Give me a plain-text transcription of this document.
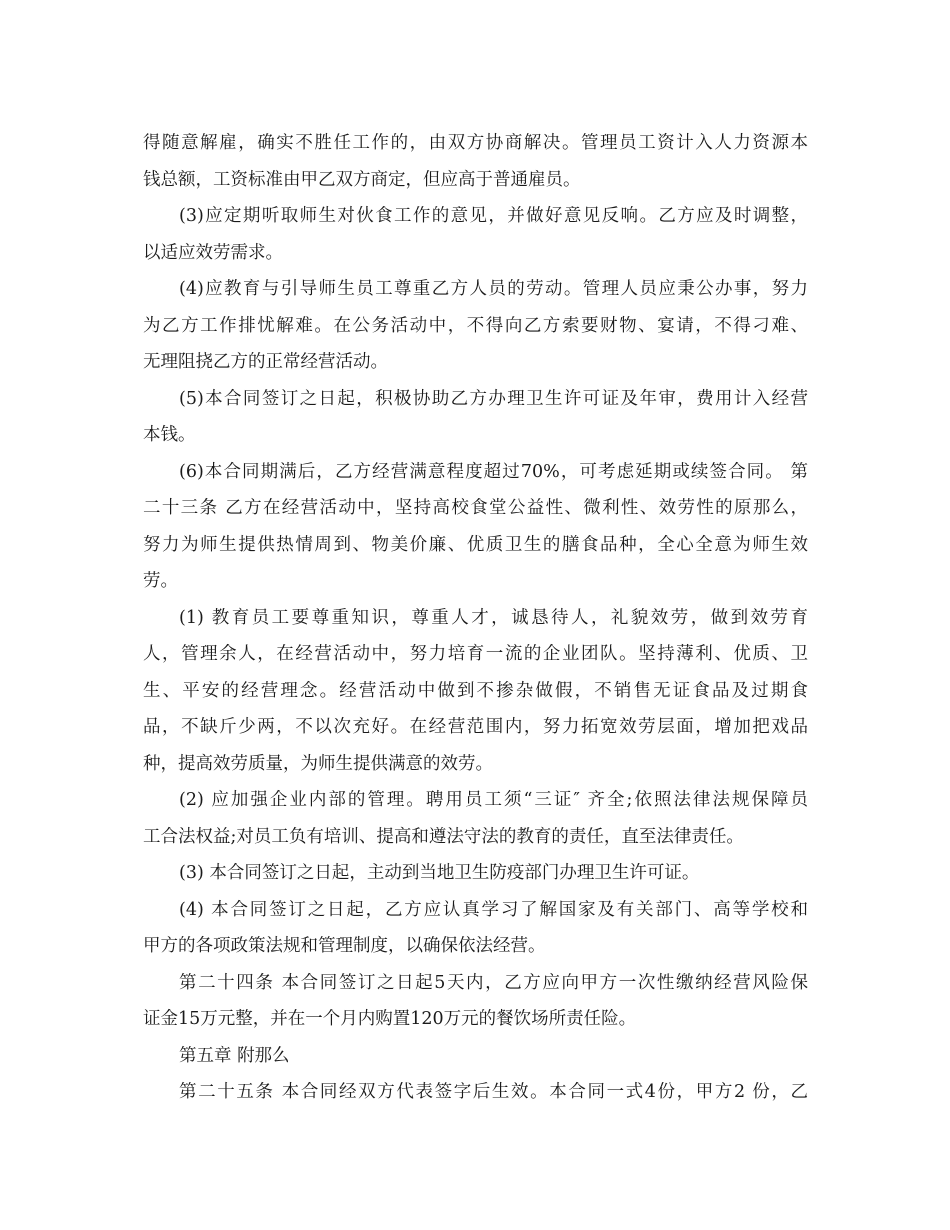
得随意解雇，确实不胜任工作的，由双方协商解决。管理员工资计入人力资源本
钱总额，工资标准由甲乙双方商定，但应高于普通雇员。
(3)应定期听取师生对伙食工作的意见，并做好意见反响。乙方应及时调整，
以适应效劳需求。
(4)应教育与引导师生员工尊重乙方人员的劳动。管理人员应秉公办事，努力
为乙方工作排忧解难。在公务活动中，不得向乙方索要财物、宴请，不得刁难、
无理阻挠乙方的正常经营活动。
(5)本合同签订之日起，积极协助乙方办理卫生许可证及年审，费用计入经营
本钱。
(6)本合同期满后，乙方经营满意程度超过70%，可考虑延期或续签合同。 第
二十三条 乙方在经营活动中，坚持高校食堂公益性、微利性、效劳性的原那么，
努力为师生提供热情周到、物美价廉、优质卫生的膳食品种，全心全意为师生效
劳。
(1) 教育员工要尊重知识，尊重人才，诚恳待人，礼貌效劳，做到效劳育
人，管理余人，在经营活动中，努力培育一流的企业团队。坚持薄利、优质、卫
生、平安的经营理念。经营活动中做到不掺杂做假，不销售无证食品及过期食
品，不缺斤少两，不以次充好。在经营范围内，努力拓宽效劳层面，增加把戏品
种，提高效劳质量，为师生提供满意的效劳。
(2) 应加强企业内部的管理。聘用员工须“三证″ 齐全;依照法律法规保障员
工合法权益;对员工负有培训、提高和遵法守法的教育的责任，直至法律责任。
(3) 本合同签订之日起，主动到当地卫生防疫部门办理卫生许可证。
(4) 本合同签订之日起，乙方应认真学习了解国家及有关部门、高等学校和
甲方的各项政策法规和管理制度，以确保依法经营。
第二十四条 本合同签订之日起5天内，乙方应向甲方一次性缴纳经营风险保
证金15万元整，并在一个月内购置120万元的餐饮场所责任险。
第五章 附那么
第二十五条 本合同经双方代表签字后生效。本合同一式4份，甲方2 份，乙
